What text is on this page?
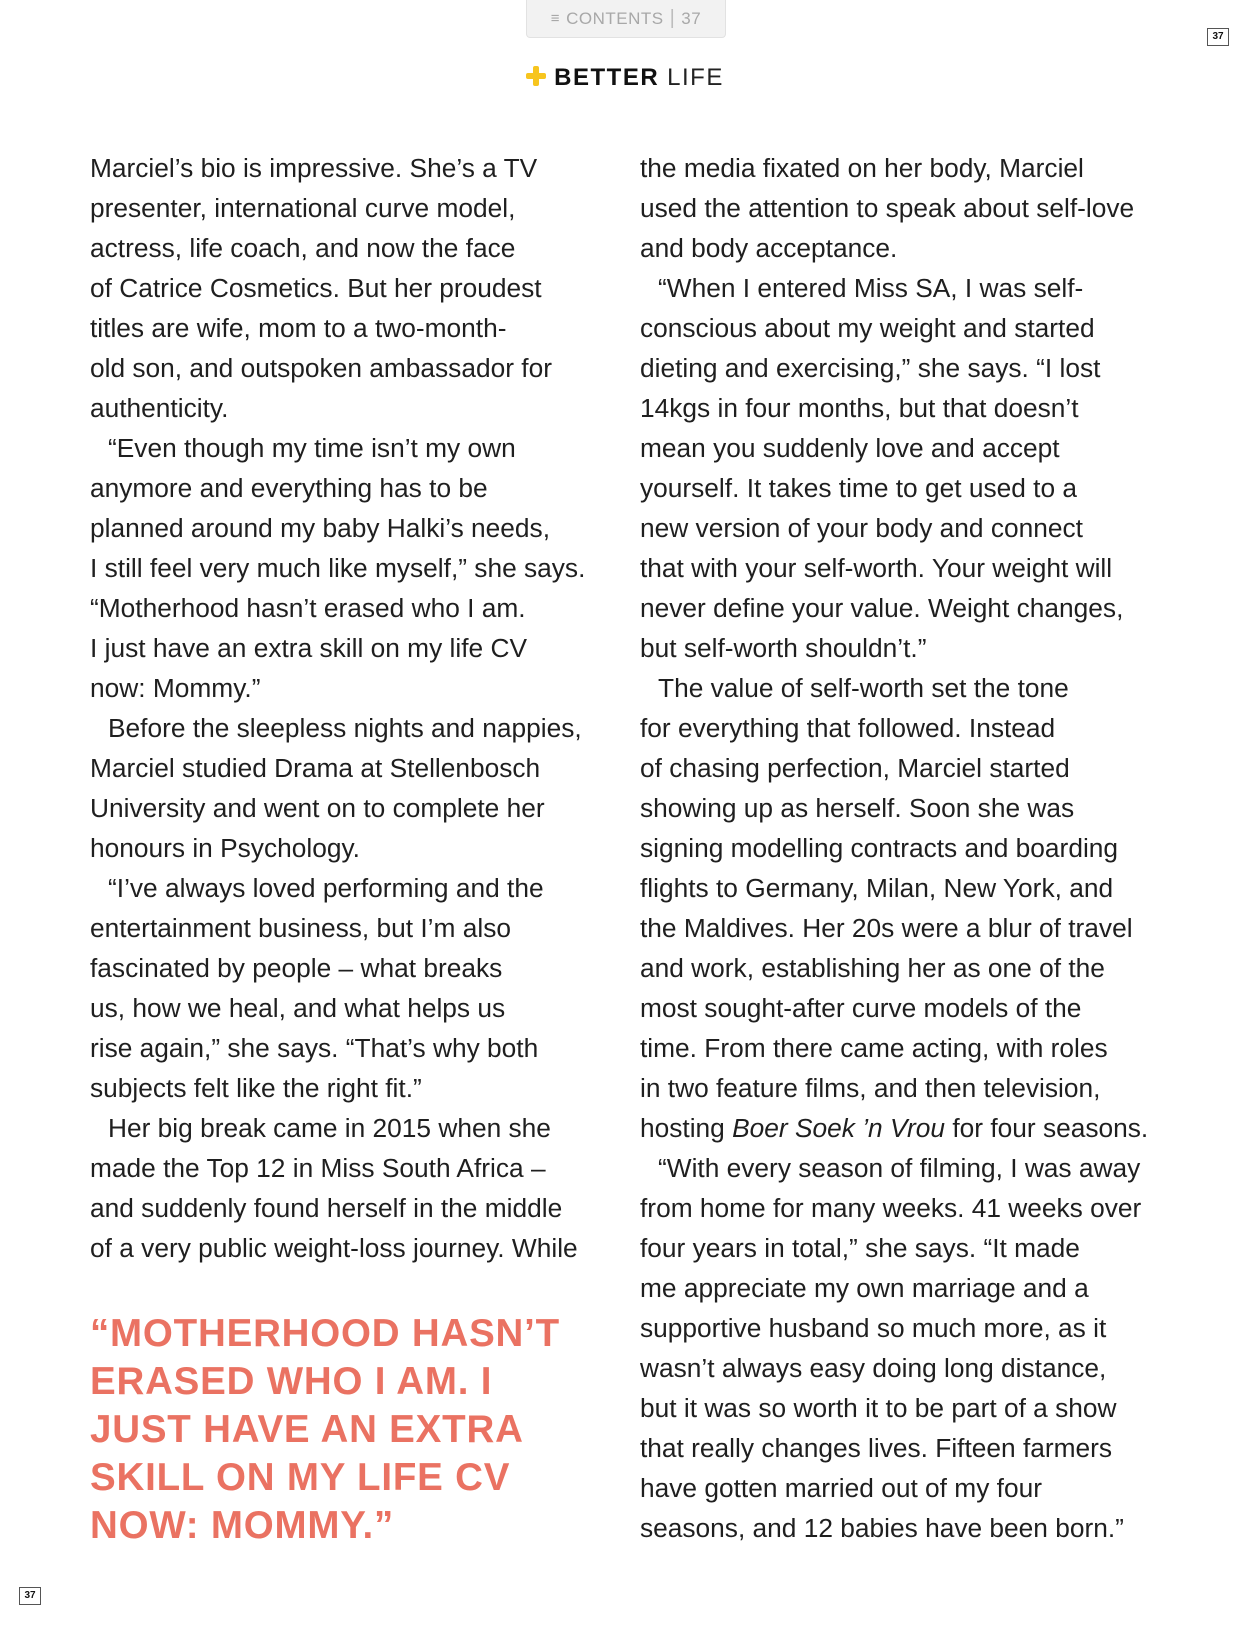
≡ CONTENTS | 37
37
BETTER LIFE

Marciel’s bio is impressive. She’s a TV
presenter, international curve model,
actress, life coach, and now the face
of Catrice Cosmetics. But her proudest
titles are wife, mom to a two-month-
old son, and outspoken ambassador for
authenticity.

“Even though my time isn’t my own
anymore and everything has to be
planned around my baby Halki’s needs,
I still feel very much like myself,” she says.
“Motherhood hasn’t erased who I am.
I just have an extra skill on my life CV
now: Mommy.”

Before the sleepless nights and nappies,
Marciel studied Drama at Stellenbosch
University and went on to complete her
honours in Psychology.

“I’ve always loved performing and the
entertainment business, but I’m also
fascinated by people – what breaks
us, how we heal, and what helps us
rise again,” she says. “That’s why both
subjects felt like the right fit.”

Her big break came in 2015 when she
made the Top 12 in Miss South Africa –
and suddenly found herself in the middle
of a very public weight-loss journey. While

“MOTHERHOOD HASN’T
ERASED WHO I AM. I
JUST HAVE AN EXTRA
SKILL ON MY LIFE CV
NOW: MOMMY.”

the media fixated on her body, Marciel
used the attention to speak about self-love
and body acceptance.

“When I entered Miss SA, I was self-
conscious about my weight and started
dieting and exercising,” she says. “I lost
14kgs in four months, but that doesn’t
mean you suddenly love and accept
yourself. It takes time to get used to a
new version of your body and connect
that with your self-worth. Your weight will
never define your value. Weight changes,
but self-worth shouldn’t.”

The value of self-worth set the tone
for everything that followed. Instead
of chasing perfection, Marciel started
showing up as herself. Soon she was
signing modelling contracts and boarding
flights to Germany, Milan, New York, and
the Maldives. Her 20s were a blur of travel
and work, establishing her as one of the
most sought-after curve models of the
time. From there came acting, with roles
in two feature films, and then television,

hosting Boer Soek ’n Vrou for four seasons.

“With every season of filming, I was away
from home for many weeks. 41 weeks over
four years in total,” she says. “It made
me appreciate my own marriage and a
supportive husband so much more, as it
wasn’t always easy doing long distance,
but it was so worth it to be part of a show
that really changes lives. Fifteen farmers
have gotten married out of my four
seasons, and 12 babies have been born.”

37
